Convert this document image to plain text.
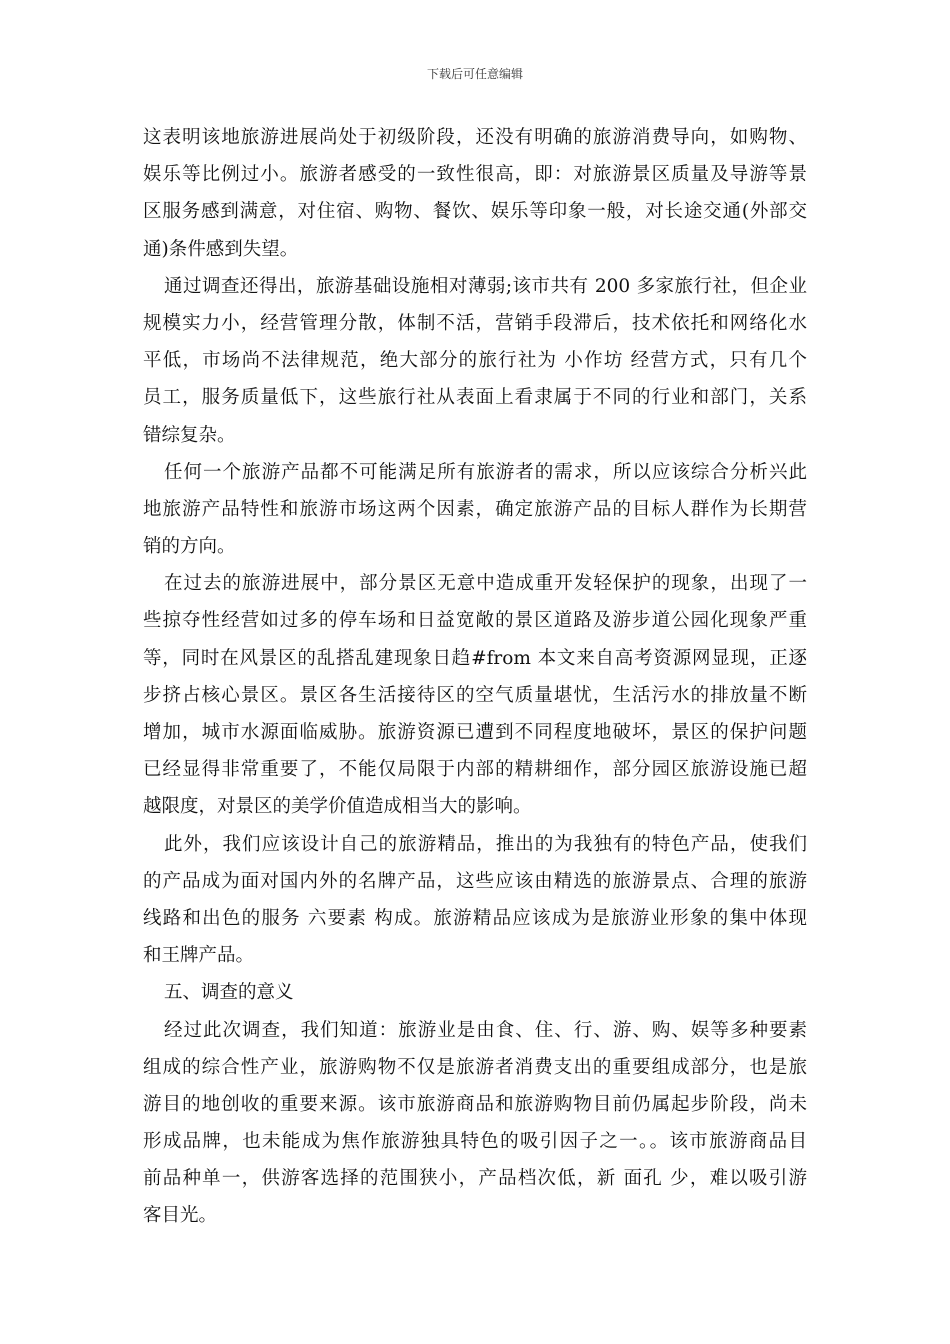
下载后可任意编辑
这表明该地旅游进展尚处于初级阶段，还没有明确的旅游消费导向，如购物、
娱乐等比例过小。旅游者感受的一致性很高，即：对旅游景区质量及导游等景
区服务感到满意，对住宿、购物、餐饮、娱乐等印象一般，对长途交通(外部交
通)条件感到失望。
通过调查还得出，旅游基础设施相对薄弱;该市共有 200 多家旅行社，但企业
规模实力小，经营管理分散，体制不活，营销手段滞后，技术依托和网络化水
平低，市场尚不法律规范，绝大部分的旅行社为 小作坊 经营方式，只有几个
员工，服务质量低下，这些旅行社从表面上看隶属于不同的行业和部门，关系
错综复杂。
任何一个旅游产品都不可能满足所有旅游者的需求，所以应该综合分析兴此
地旅游产品特性和旅游市场这两个因素，确定旅游产品的目标人群作为长期营
销的方向。
在过去的旅游进展中，部分景区无意中造成重开发轻保护的现象，出现了一
些掠夺性经营如过多的停车场和日益宽敞的景区道路及游步道公园化现象严重
等，同时在风景区的乱搭乱建现象日趋#from 本文来自高考资源网显现，正逐
步挤占核心景区。景区各生活接待区的空气质量堪忧，生活污水的排放量不断
增加，城市水源面临威胁。旅游资源已遭到不同程度地破坏，景区的保护问题
已经显得非常重要了，不能仅局限于内部的精耕细作，部分园区旅游设施已超
越限度，对景区的美学价值造成相当大的影响。
此外，我们应该设计自己的旅游精品，推出的为我独有的特色产品，使我们
的产品成为面对国内外的名牌产品，这些应该由精选的旅游景点、合理的旅游
线路和出色的服务 六要素 构成。旅游精品应该成为是旅游业形象的集中体现
和王牌产品。
五、调查的意义
经过此次调查，我们知道：旅游业是由食、住、行、游、购、娱等多种要素
组成的综合性产业，旅游购物不仅是旅游者消费支出的重要组成部分，也是旅
游目的地创收的重要来源。该市旅游商品和旅游购物目前仍属起步阶段，尚未
形成品牌，也未能成为焦作旅游独具特色的吸引因子之一。。该市旅游商品目
前品种单一，供游客选择的范围狭小，产品档次低，新 面孔 少，难以吸引游
客目光。
